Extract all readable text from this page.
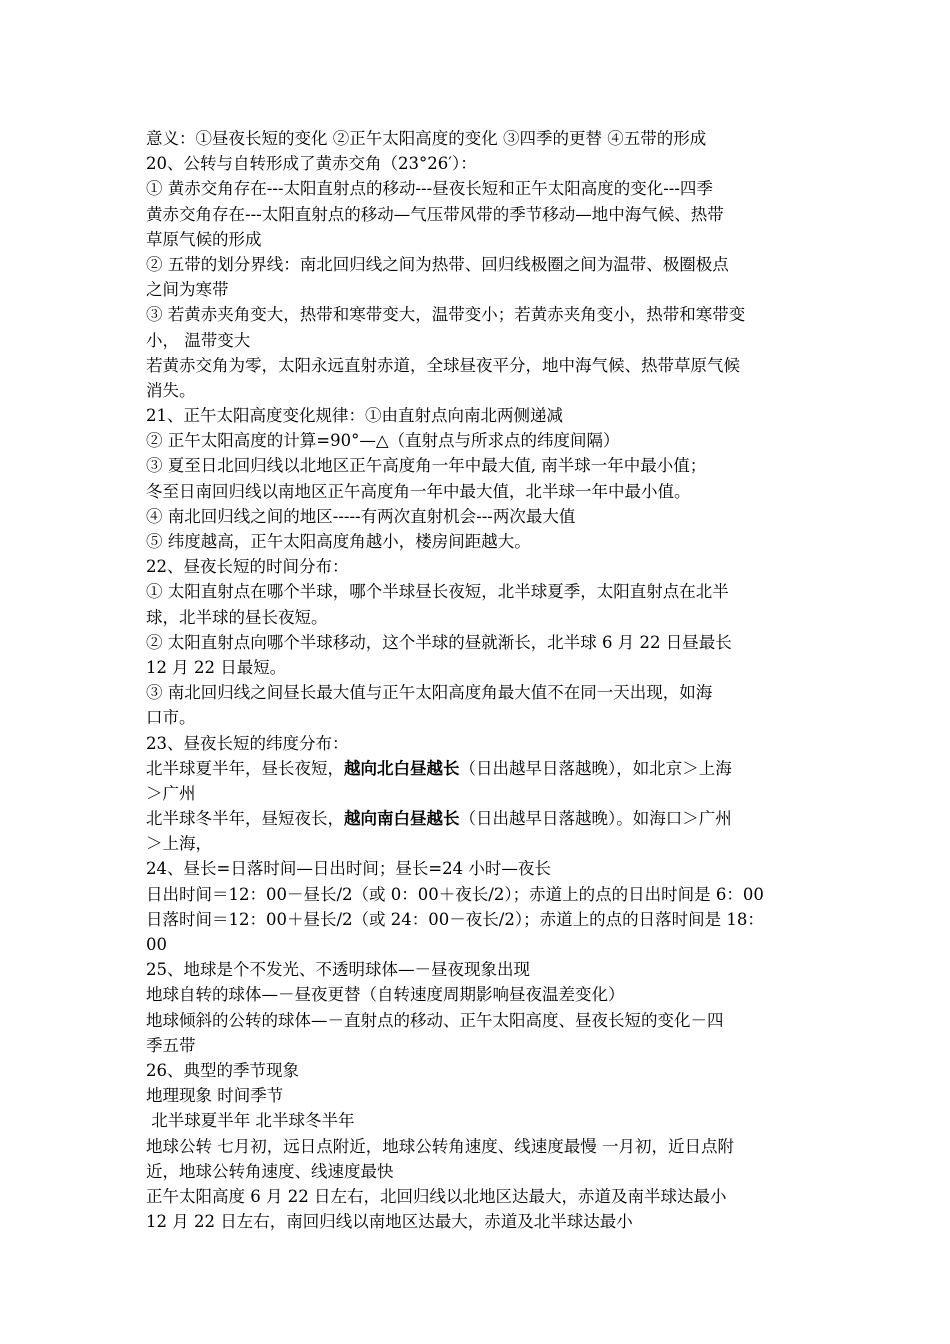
意义：①昼夜长短的变化 ②正午太阳高度的变化 ③四季的更替 ④五带的形成
20、公转与自转形成了黄赤交角（23°26′）：
① 黄赤交角存在---太阳直射点的移动---昼夜长短和正午太阳高度的变化---四季
黄赤交角存在---太阳直射点的移动—气压带风带的季节移动—地中海气候、热带
草原气候的形成
② 五带的划分界线：南北回归线之间为热带、回归线极圈之间为温带、极圈极点
之间为寒带
③ 若黄赤夹角变大，热带和寒带变大，温带变小；若黄赤夹角变小，热带和寒带变
小， 温带变大
若黄赤交角为零，太阳永远直射赤道，全球昼夜平分，地中海气候、热带草原气候
消失。
21、正午太阳高度变化规律：①由直射点向南北两侧递减
② 正午太阳高度的计算=90°—△（直射点与所求点的纬度间隔）
③ 夏至日北回归线以北地区正午高度角一年中最大值, 南半球一年中最小值；
冬至日南回归线以南地区正午高度角一年中最大值，北半球一年中最小值。
④ 南北回归线之间的地区-----有两次直射机会---两次最大值
⑤ 纬度越高，正午太阳高度角越小，楼房间距越大。
22、昼夜长短的时间分布：
① 太阳直射点在哪个半球，哪个半球昼长夜短，北半球夏季，太阳直射点在北半
球，北半球的昼长夜短。
② 太阳直射点向哪个半球移动，这个半球的昼就渐长，北半球 6 月 22 日昼最长
12 月 22 日最短。
③ 南北回归线之间昼长最大值与正午太阳高度角最大值不在同一天出现，如海
口市。
23、昼夜长短的纬度分布：
北半球夏半年，昼长夜短，越向北白昼越长（日出越早日落越晚），如北京＞上海
＞广州
北半球冬半年，昼短夜长，越向南白昼越长（日出越早日落越晚）。如海口＞广州
＞上海，
24、昼长=日落时间—日出时间；昼长=24 小时—夜长
日出时间＝12：00－昼长/2（或 0：00＋夜长/2）；赤道上的点的日出时间是 6：00
日落时间＝12：00＋昼长/2（或 24：00－夜长/2）；赤道上的点的日落时间是 18：
00
25、地球是个不发光、不透明球体—－昼夜现象出现
地球自转的球体—－昼夜更替（自转速度周期影响昼夜温差变化）
地球倾斜的公转的球体—－直射点的移动、正午太阳高度、昼夜长短的变化－四
季五带
26、典型的季节现象
地理现象 时间季节
北半球夏半年 北半球冬半年
地球公转 七月初，远日点附近，地球公转角速度、线速度最慢 一月初，近日点附
近，地球公转角速度、线速度最快
正午太阳高度 6 月 22 日左右，北回归线以北地区达最大，赤道及南半球达最小
12 月 22 日左右，南回归线以南地区达最大，赤道及北半球达最小
